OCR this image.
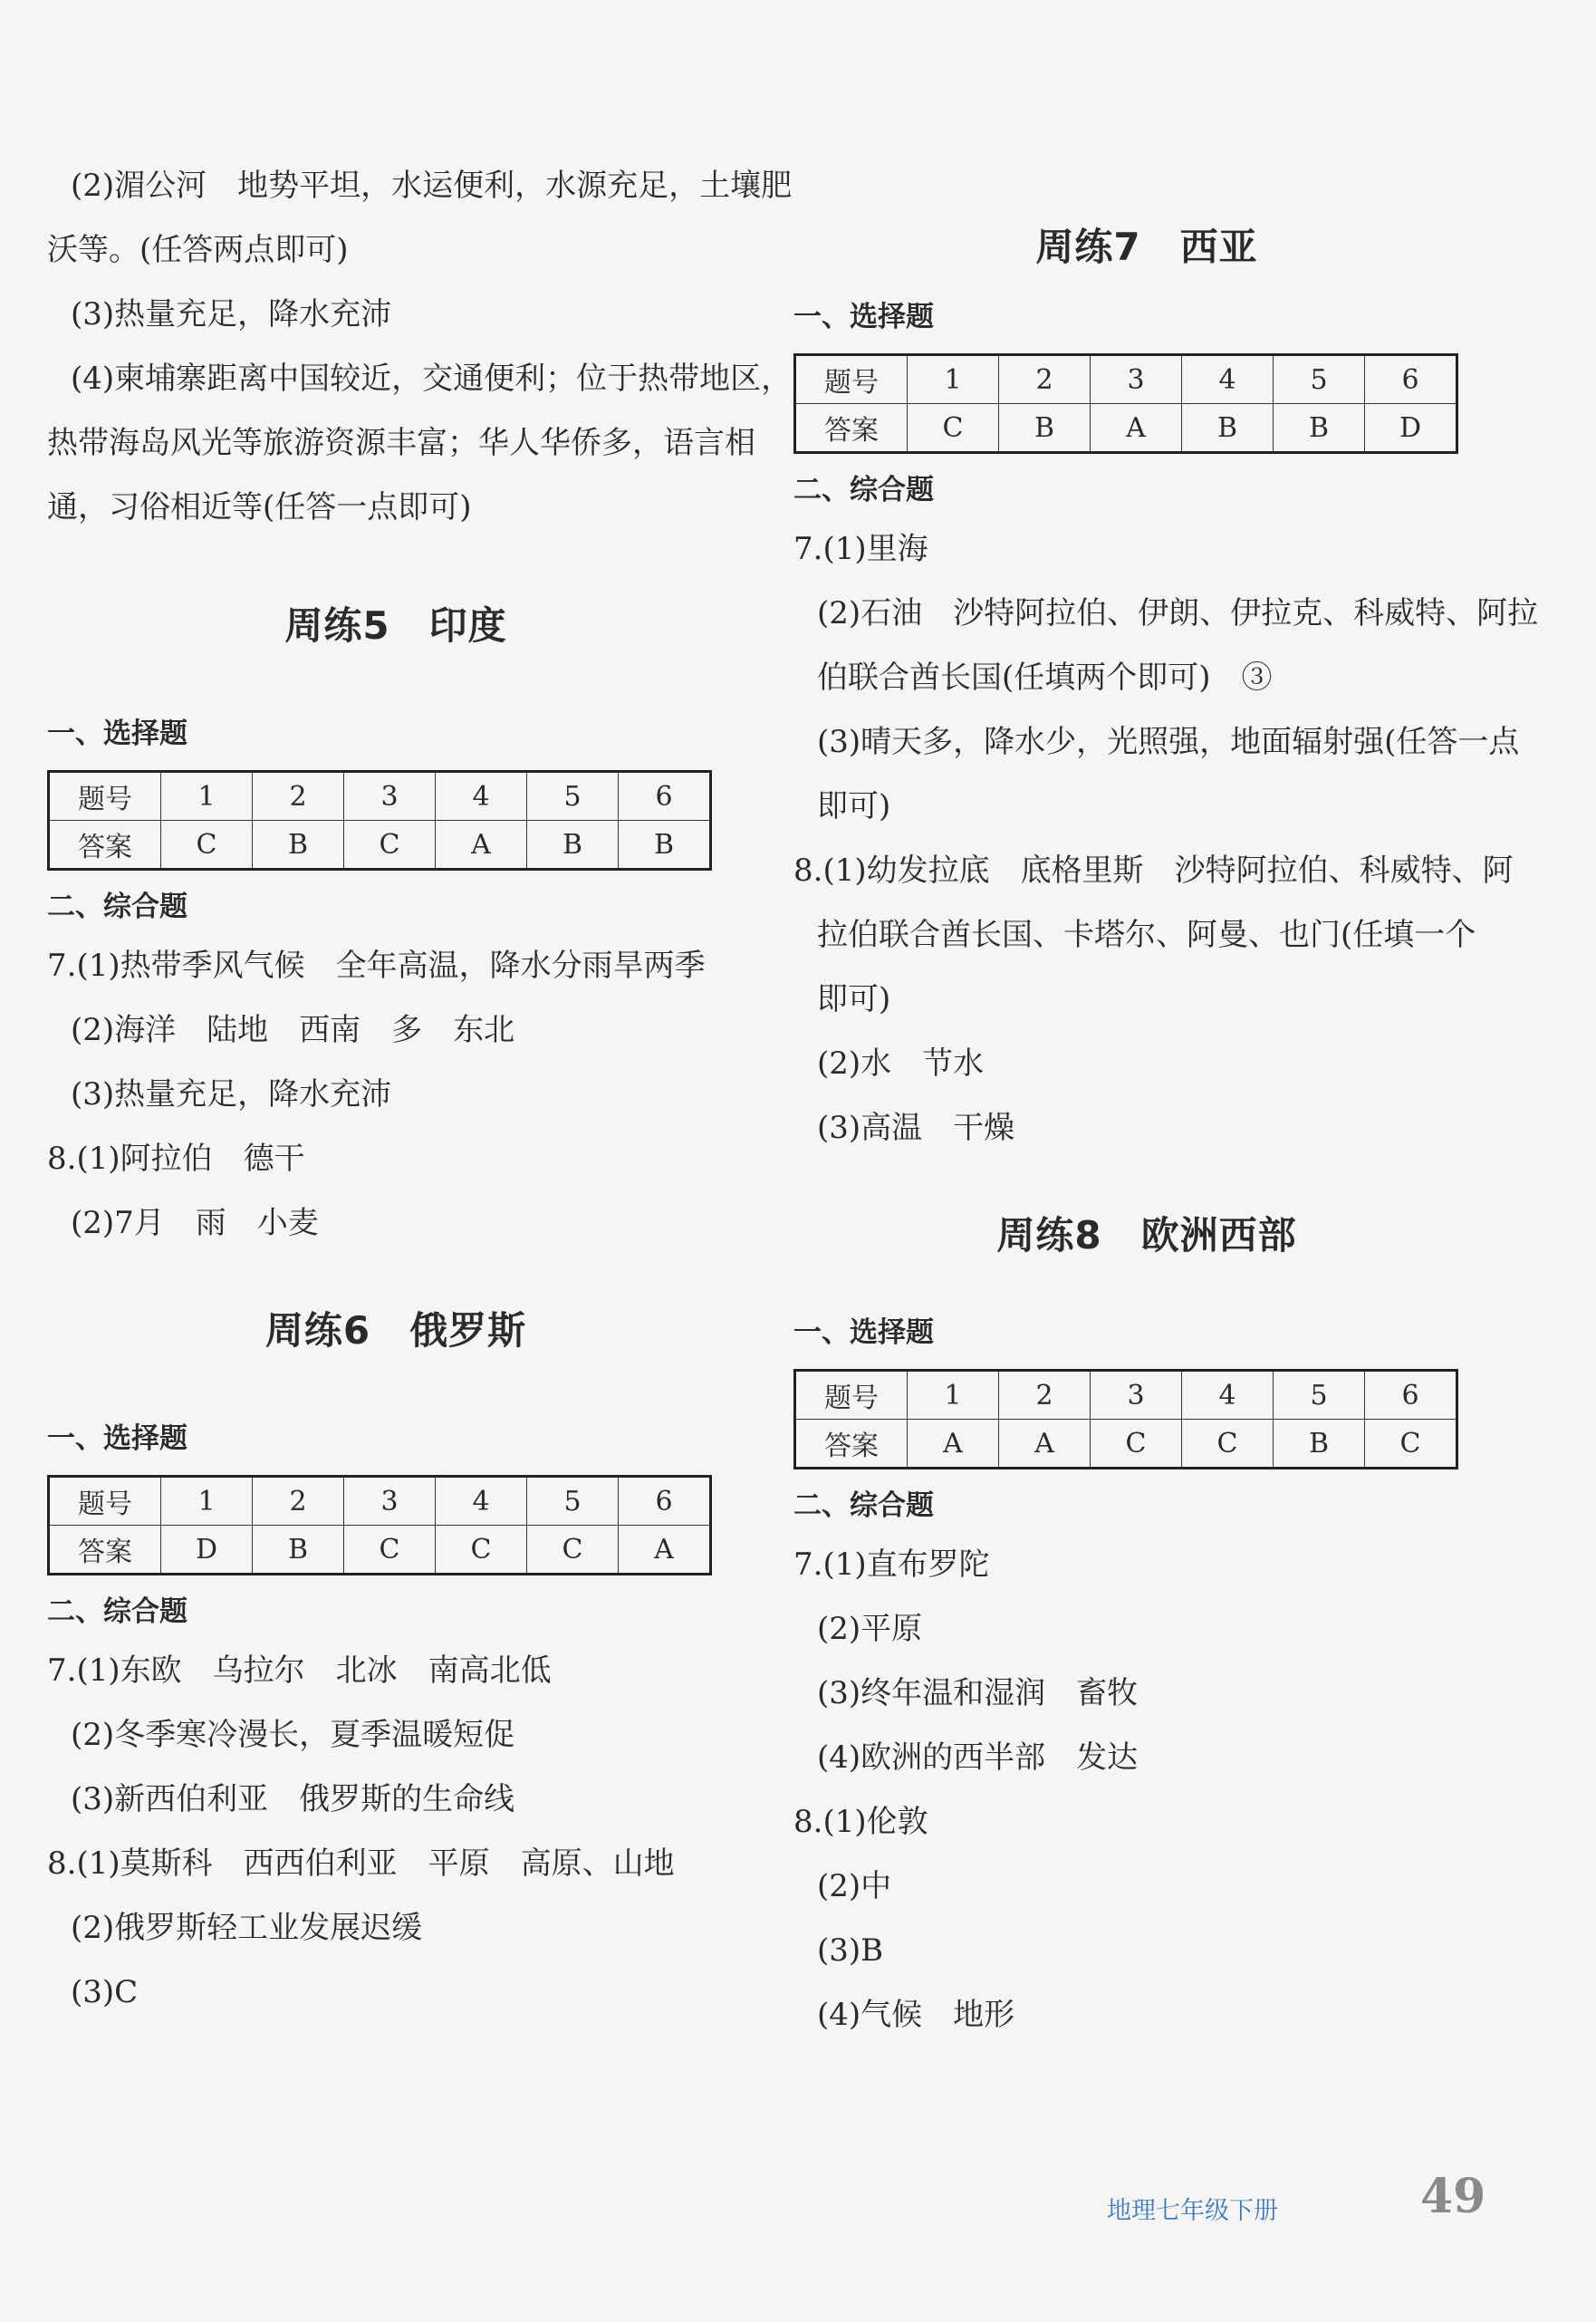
(2)湄公河　地势平坦，水运便利，水源充足，土壤肥
沃等。(任答两点即可)
(3)热量充足，降水充沛
(4)柬埔寨距离中国较近，交通便利；位于热带地区，
热带海岛风光等旅游资源丰富；华人华侨多，语言相
通，习俗相近等(任答一点即可)
周练5　印度
一、选择题
题号	1	2	3	4	5	6
答案	C	B	C	A	B	B
二、综合题
7.(1)热带季风气候　全年高温，降水分雨旱两季
(2)海洋　陆地　西南　多　东北
(3)热量充足，降水充沛
8.(1)阿拉伯　德干
(2)7月　雨　小麦
周练6　俄罗斯
一、选择题
题号	1	2	3	4	5	6
答案	D	B	C	C	C	A
二、综合题
7.(1)东欧　乌拉尔　北冰　南高北低
(2)冬季寒冷漫长，夏季温暖短促
(3)新西伯利亚　俄罗斯的生命线
8.(1)莫斯科　西西伯利亚　平原　高原、山地
(2)俄罗斯轻工业发展迟缓
(3)C
周练7　西亚
一、选择题
题号	1	2	3	4	5	6
答案	C	B	A	B	B	D
二、综合题
7.(1)里海
(2)石油　沙特阿拉伯、伊朗、伊拉克、科威特、阿拉
伯联合酋长国(任填两个即可)　③
(3)晴天多，降水少，光照强，地面辐射强(任答一点
即可)
8.(1)幼发拉底　底格里斯　沙特阿拉伯、科威特、阿
拉伯联合酋长国、卡塔尔、阿曼、也门(任填一个
即可)
(2)水　节水
(3)高温　干燥
周练8　欧洲西部
一、选择题
题号	1	2	3	4	5	6
答案	A	A	C	C	B	C
二、综合题
7.(1)直布罗陀
(2)平原
(3)终年温和湿润　畜牧
(4)欧洲的西半部　发达
8.(1)伦敦
(2)中
(3)B
(4)气候　地形
地理七年级下册	49
